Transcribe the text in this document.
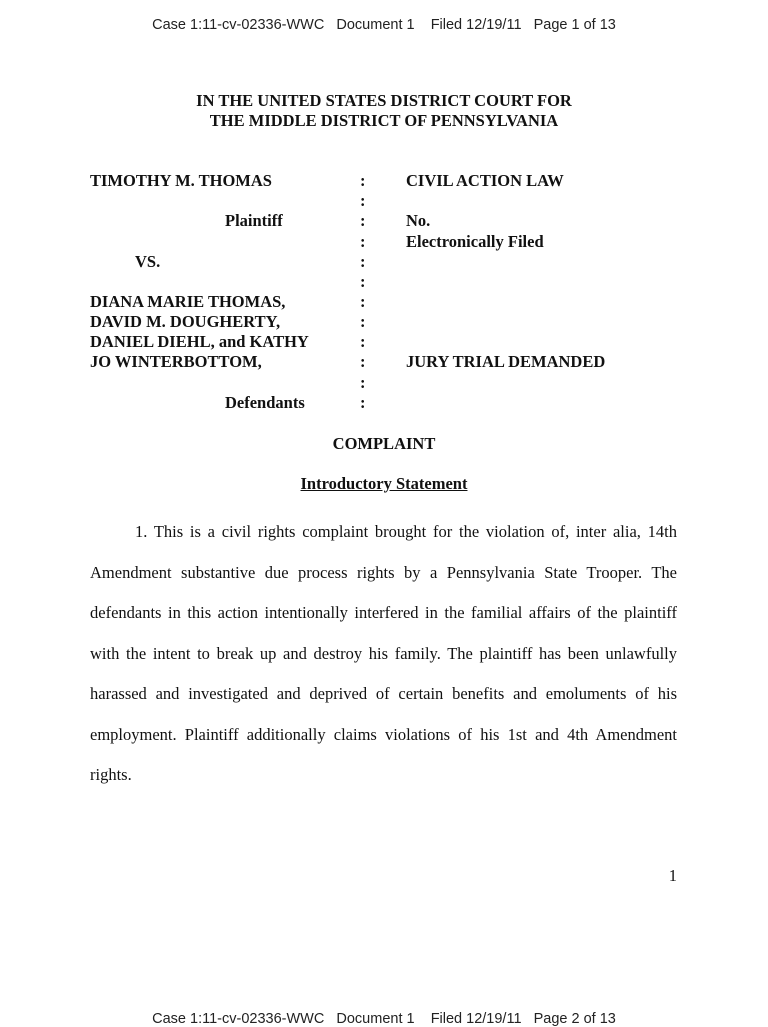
Case 1:11-cv-02336-WWC   Document 1    Filed 12/19/11   Page 1 of 13
IN THE UNITED STATES DISTRICT COURT FOR
THE MIDDLE DISTRICT OF PENNSYLVANIA
TIMOTHY M. THOMAS
Plaintiff
VS.
DIANA MARIE THOMAS,
DAVID M. DOUGHERTY,
DANIEL DIEHL, and KATHY
JO WINTERBOTTOM,
Defendants
:
:
:
:
:
:
:
:
:
:
:
:
CIVIL ACTION LAW
No.
Electronically Filed
JURY TRIAL DEMANDED
COMPLAINT
Introductory Statement

1. This is a civil rights complaint brought for the violation of, inter alia, 14th Amendment substantive due process rights by a Pennsylvania State Trooper. The defendants in this action intentionally interfered in the familial affairs of the plaintiff with the intent to break up and destroy his family. The plaintiff has been unlawfully harassed and investigated and deprived of certain benefits and emoluments of his employment. Plaintiff additionally claims violations of his 1st and 4th Amendment rights.

1
Case 1:11-cv-02336-WWC   Document 1    Filed 12/19/11   Page 2 of 13
